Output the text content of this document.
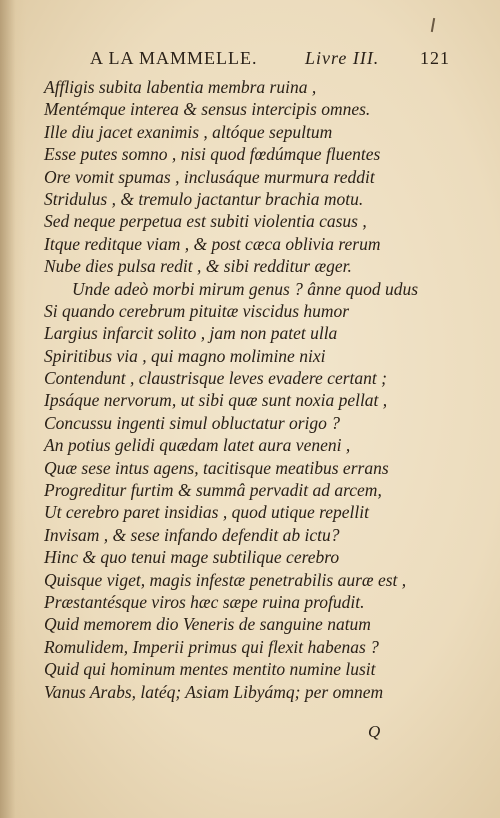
A LA MAMMELLE.	Livre III. 121
Affligis subita labentia membra ruina ,
Mentémque interea & sensus intercipis omnes.
Ille diu jacet exanimis , altóque sepultum
Esse putes somno , nisi quod fœdúmque fluentes
Ore vomit spumas , inclusáque murmura reddit
Stridulus , & tremulo jactantur brachia motu.
Sed neque perpetua est subiti violentia casus ,
Itque reditque viam , & post cæca oblivia rerum
Nube dies pulsa redit , & sibi redditur æger.
Unde adeò morbi mirum genus ? ânne quod udus
Si quando cerebrum pituitæ viscidus humor
Largius infarcit solito , jam non patet ulla
Spiritibus via , qui magno molimine nixi
Contendunt , claustrisque leves evadere certant ;
Ipsáque nervorum, ut sibi quæ sunt noxia pellat ,
Concussu ingenti simul obluctatur origo ?
An potius gelidi quædam latet aura veneni ,
Quæ sese intus agens, tacitisque meatibus errans
Progreditur furtim & summâ pervadit ad arcem,
Ut cerebro paret insidias , quod utique repellit
Invisam , & sese infando defendit ab ictu?
Hinc & quo tenui mage subtilique cerebro
Quisque viget, magis infestæ penetrabilis auræ est ,
Præstantésque viros hæc sæpe ruina profudit.
Quid memorem dio Veneris de sanguine natum
Romulidem, Imperii primus qui flexit habenas ?
Quid qui hominum mentes mentito numine lusit
Vanus Arabs, latéq; Asiam Libyámq; per omnem
Q
